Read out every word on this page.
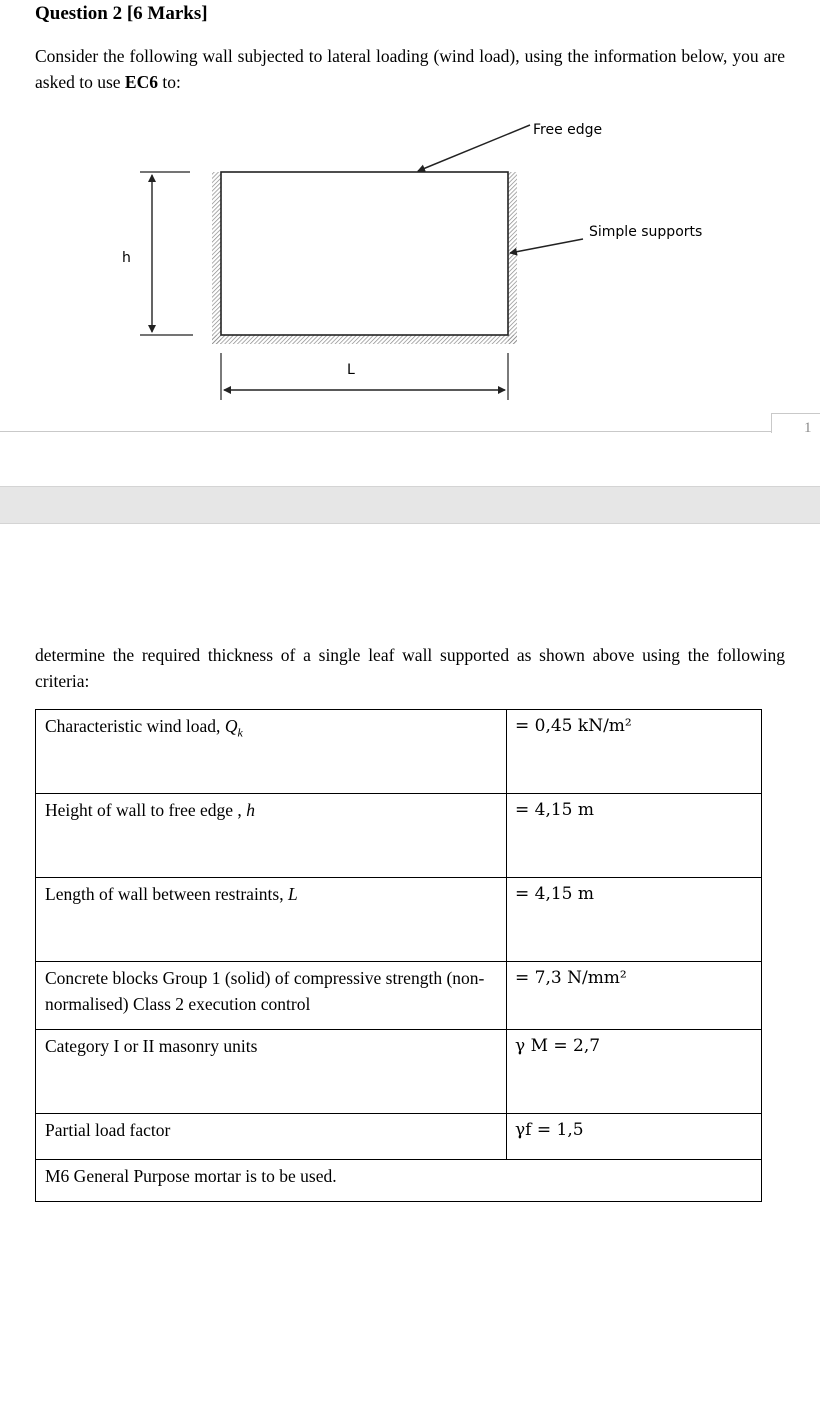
Question 2 [6 Marks]
Consider the following wall subjected to lateral loading (wind load), using the information below, you are asked to use EC6 to:
Free edge
Simple supports
h
L
1
determine the required thickness of a single leaf wall supported as shown above using the following criteria:
Characteristic wind load, $Q_k$	= 0,45 kN/m²
Height of wall to free edge , h	= 4,15 m
Length of wall between restraints, L	= 4,15 m
Concrete blocks Group 1 (solid) of compressive strength (non-normalised) Class 2 execution control	= 7,3 N/mm²
Category I or II masonry units	γ M = 2,7
Partial load factor	γf = 1,5
M6 General Purpose mortar is to be used.	
